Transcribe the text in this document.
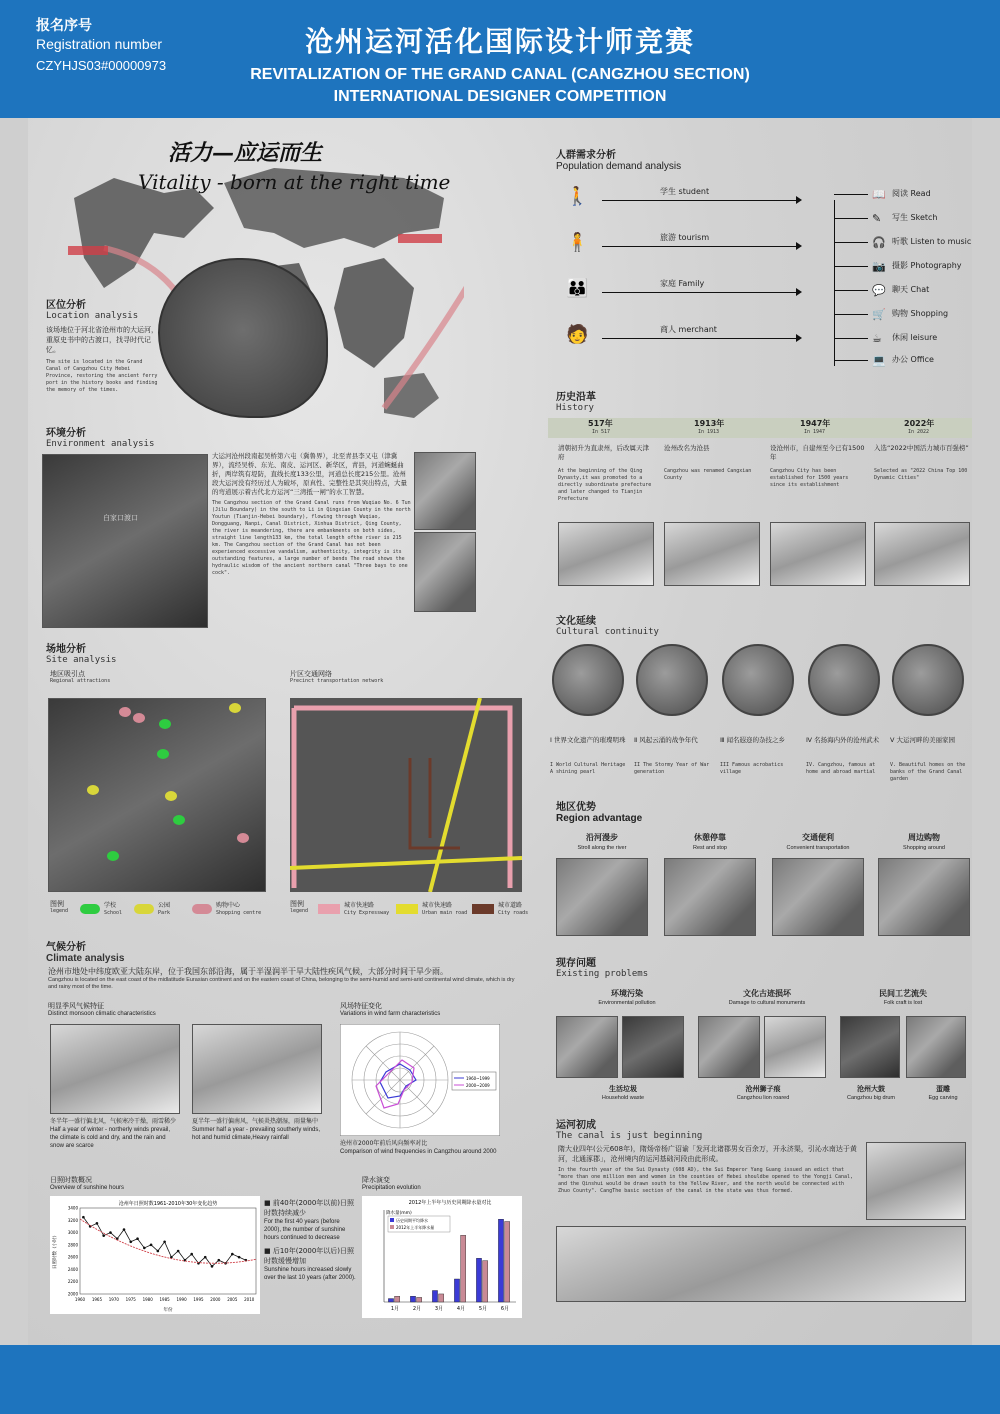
报名序号
Registration number
CZYHJS03#00000973
沧州运河活化国际设计师竞赛
REVITALIZATION OF THE GRAND CANAL (CANGZHOU SECTION)
INTERNATIONAL DESIGNER COMPETITION
活力—应运而生
Vitality - born at the right time
区位分析
Location analysis
该场地位于河北省沧州市的大运河，重原史书中的古渡口，找寻时代记忆。
The site is located in the Grand Canal of Cangzhou City Hebei Province, restoring the ancient ferry port in the history books and finding the memory of the times.
环境分析
Environment analysis
白家口渡口
大运河沧州段南起吴桥第六屯（冀鲁界），北至青县李又屯（津冀界），流经吴桥、东光、南皮、运河区、新华区，青县，河道蜿蜒曲折，两岸筑有堤防，直线长度133公里，河道总长度215公里。沧州段大运河没有经历过人为破坏，原真性、完整性是其突出特点，大量的弯道展示着古代北方运河“三湾抵一闸”的水工智慧。
The Cangzhou section of the Grand Canal runs from Wuqiao No. 6 Tun (Jilu Boundary) in the south to Li in Qingxian County in the north Youtun (Tianjin-Hebei boundary), flowing through Wuqiao, Dongguang, Nanpi, Canal District, Xinhua District, Qing County, the river is meandering, there are embankments on both sides, straight line length133 km, the total length ofthe river is 215 km. The Cangzhou section of the Grand Canal has not been experienced excessive vandalism, authenticity, integrity is its outstanding features, a large number of bends The road shows the hydraulic wisdom of the ancient northern canal "Three bays to one cock".
场地分析
Site analysis
地区吸引点
Regional attractions
片区交通网络
Precinct transportation network
图例
legend
学校
School
公园
Park
购物中心
Shopping centre
图例
legend
城市快速路
City Expressway
城市快速路
Urban main road
城市道路
City roads
气候分析
Climate analysis
沧州市地处中纬度欧亚大陆东岸，位于我国东部沿海，属于半湿润半干旱大陆性疾风气候，大部分时间干旱少雨。
Cangzhou is located on the east coast of the midlatitude Eurasian continent and on the eastern coast of China, belonging to the semi-humid and semi-arid continental wind climate, which is dry and rainy most of the time.
明显季风气候特征
Distinct monsoon climatic characteristics
冬半年一盛行偏北风，气候寒冷干燥，雨雪稀少
Half a year of winter - northerly winds prevail, the climate is cold and dry, and the rain and snow are scarce
夏半年一盛行偏南风，气候炎热潮湿，雨量集中
Summer half a year - prevailing southerly winds, hot and humid climate,Heavy rainfall
风场特征变化
Variations in wind farm characteristics
1960~1999
2000~2009
沧州市2000年前后风向频率对比
Comparison of wind frequencies in Cangzhou around 2000
日照时数概况
Overview of sunshine hours
沧州年日照时数1961-2010年30年变化趋势
2000
2200
2400
2600
2800
3000
3200
3400
1960 1965 1970 1975 1980 1985 1990 1995 2000 2005 2010
年份
日照时数（小时）
■ 前40年(2000年以前)日照时数持续减少
For the first 40 years (before 2000), the number of sunshine hours continued to decrease
■ 后10年(2000年以后)日照时数缓慢增加
Sunshine hours increased slowly over the last 10 years (after 2000).
降水演变
Precipitation evolution
2012年上半年与历史同期降水量对比
降水量(mm)
1月	2月	3月	4月	5月	6月
历史同期平均降水
2012年上半年降水量
人群需求分析
Population demand analysis
历史沿革
History
文化延续
Cultural continuity
地区优势
Region advantage
现存问题
Existing problems
运河初成
The canal is just beginning
隋大业四年(公元608年)，隋炀帝杨广诏谕「发河北诸郡男女百余万，开永济渠，引沁水南达于黄河，北通涿郡」，沧州境内的运河基础河段由此形成。
In the fourth year of the Sui Dynasty (608 AD), the Sui Emperor Yang Guang issued an edict that "more than one million men and women in the counties of Hebei shouldbe opened to the Yongji Canal, and the Qinshui would be drawn south to the Yellow River, and the north would be connected with Zhuo County". CangThe basic section of the canal in the state was thus formed.
🚶	学生 student
🧍	旅游 tourism
👪	家庭 Family
🧑	商人 merchant
📖 阅读 Read
✎ 写生 Sketch
🎧 听歌 Listen to music
📷 摄影 Photography
💬 聊天 Chat
🛒 购物 Shopping
☕ 休闲 leisure
💻 办公 Office
517年
In 517
清朝初升为直隶州，后改属天津府
At the beginning of the Qing Dynasty,it was promoted to a directly subordinate prefecture and later changed to Tianjin Prefecture
1913年
In 1913
沧州改名为沧县
Cangzhou was renamed Cangxian County
1947年
In 1947
设沧州市，自建州至今已有1500年
Cangzhou City has been established for 1500 years since its establishment
2022年
In 2022
入选“2022中国活力城市百强榜”
Selected as "2022 China Top 100 Dynamic Cities"
Ⅰ 世界文化遗产的璀璨明珠
I World Cultural Heritage A shining pearl
Ⅱ 风起云涌的战争年代
II The Stormy Year of War generation
Ⅲ 闻名遐迩的杂技之乡
III Famous acrobatics village
Ⅳ 名扬海内外的沧州武术
IV. Cangzhou, famous at home and abroad martial
Ⅴ 大运河畔的美丽家园
V. Beautiful homes on the banks of the Grand Canal garden
沿河漫步
Stroll along the river
休憩停靠
Rest and stop
交通便利
Convenient transportation
周边购物
Shopping around
环境污染
Environmental pollution
文化古迹损坏
Damage to cultural monuments
民间工艺流失
Folk craft is lost
生活垃圾
Household waste
沧州狮子痕
Cangzhou lion roared
沧州大鼓
Cangzhou big drum
蛋雕
Egg carving
